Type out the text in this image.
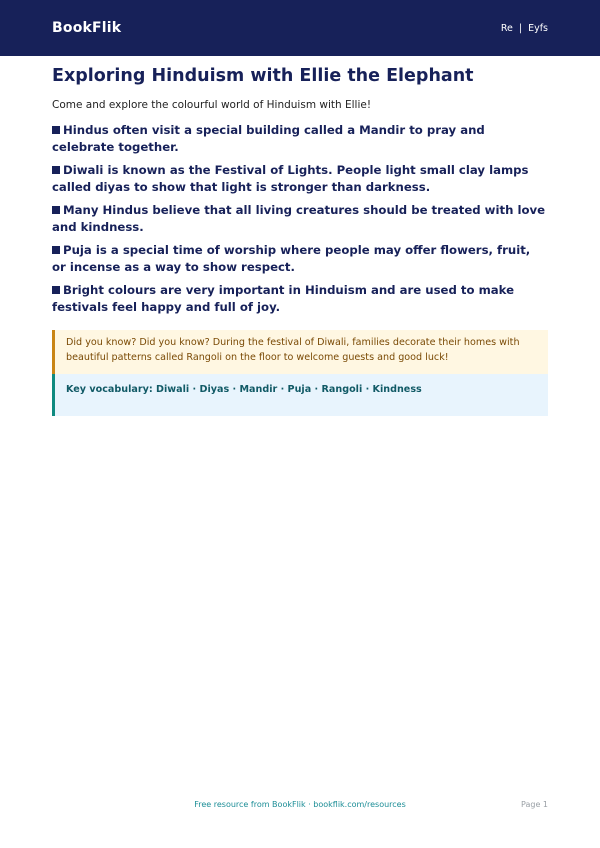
BookFlik	Re | Eyfs
Exploring Hinduism with Ellie the Elephant

Come and explore the colourful world of Hinduism with Ellie!

Hindus often visit a special building called a Mandir to pray and celebrate together.
Diwali is known as the Festival of Lights. People light small clay lamps called diyas to show that light is stronger than darkness.
Many Hindus believe that all living creatures should be treated with love and kindness.
Puja is a special time of worship where people may offer flowers, fruit, or incense as a way to show respect.
Bright colours are very important in Hinduism and are used to make festivals feel happy and full of joy.
Did you know? Did you know? During the festival of Diwali, families decorate their homes with beautiful patterns called Rangoli on the floor to welcome guests and good luck!
Key vocabulary: Diwali · Diyas · Mandir · Puja · Rangoli · Kindness
Free resource from BookFlik · bookflik.com/resources	Page 1
